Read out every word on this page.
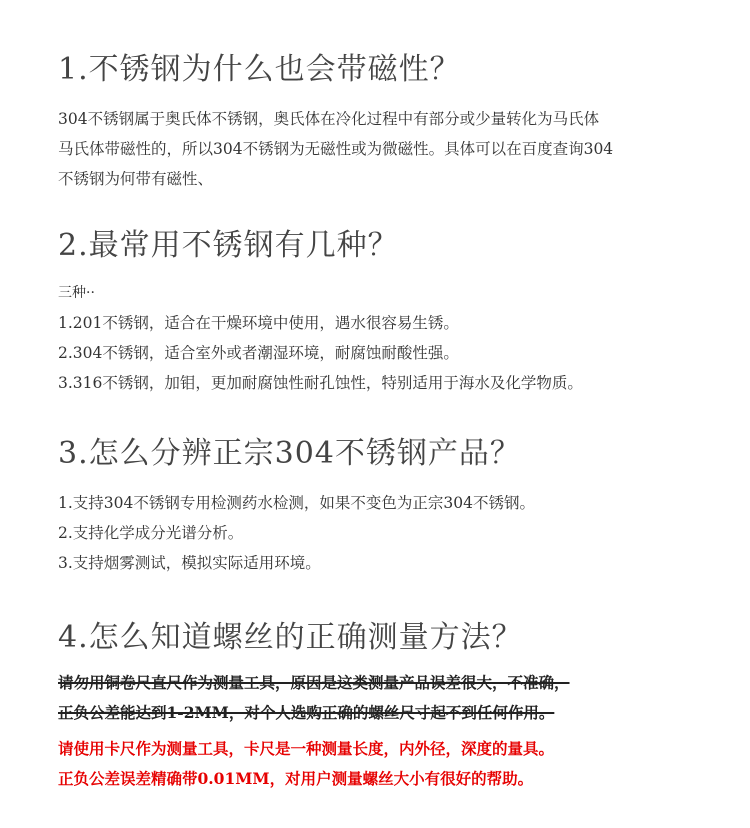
1.不锈钢为什么也会带磁性？
304不锈钢属于奥氏体不锈钢，奥氏体在冷化过程中有部分或少量转化为马氏体
马氏体带磁性的，所以304不锈钢为无磁性或为微磁性。具体可以在百度查询304
不锈钢为何带有磁性、
2.最常用不锈钢有几种？
三种··
1.201不锈钢，适合在干燥环境中使用，遇水很容易生锈。
2.304不锈钢，适合室外或者潮湿环境，耐腐蚀耐酸性强。
3.316不锈钢，加钼，更加耐腐蚀性耐孔蚀性，特别适用于海水及化学物质。
3.怎么分辨正宗304不锈钢产品？
1.支持304不锈钢专用检测药水检测，如果不变色为正宗304不锈钢。
2.支持化学成分光谱分析。
3.支持烟雾测试，模拟实际适用环境。
4.怎么知道螺丝的正确测量方法？
请勿用铜卷尺直尺作为测量工具，原因是这类测量产品误差很大，不准确，
正负公差能达到1-2MM，对个人选购正确的螺丝尺寸起不到任何作用。
请使用卡尺作为测量工具，卡尺是一种测量长度，内外径，深度的量具。
正负公差误差精确带0.01MM，对用户测量螺丝大小有很好的帮助。
